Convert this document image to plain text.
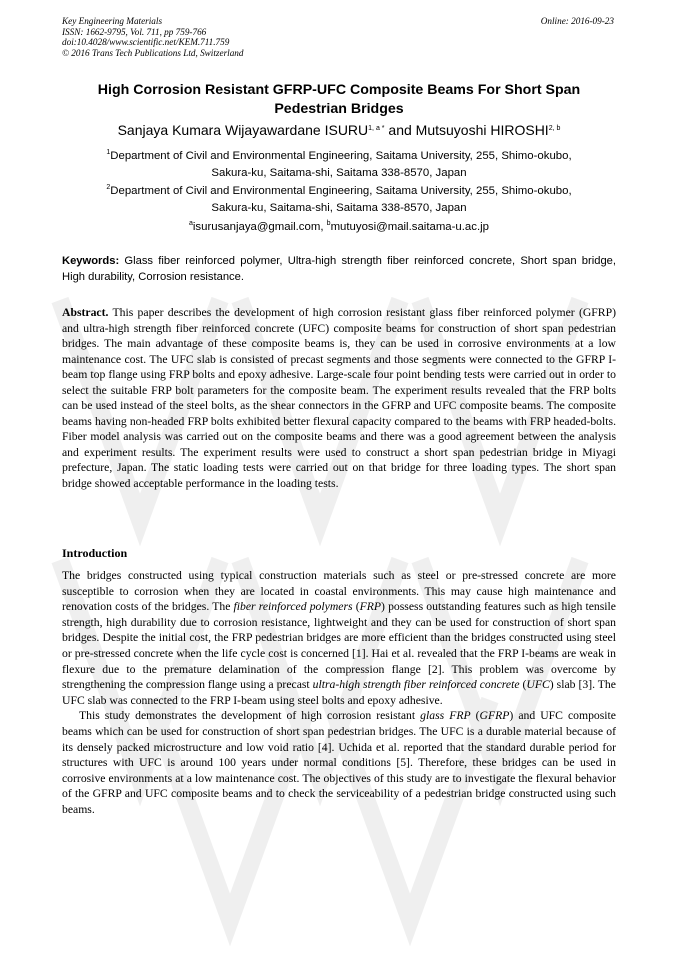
Key Engineering Materials
ISSN: 1662-9795, Vol. 711, pp 759-766
doi:10.4028/www.scientific.net/KEM.711.759
© 2016 Trans Tech Publications Ltd, Switzerland
Online: 2016-09-23
High Corrosion Resistant GFRP-UFC Composite Beams For Short Span
Pedestrian Bridges
Sanjaya Kumara Wijayawardane $ISURU^{1, a *}$ and Mutsuyoshi HIROSHI$^{2, b}$
$^1$Department of Civil and Environmental Engineering, Saitama University, 255, Shimo-okubo,
Sakura-ku, Saitama-shi, Saitama 338-8570, Japan
$^2$Department of Civil and Environmental Engineering, Saitama University, 255, Shimo-okubo,
Sakura-ku, Saitama-shi, Saitama 338-8570, Japan
$^a$isurusanjaya@gmail.com, $^b$mutuyosi@mail.saitama-u.ac.jp
Keywords: Glass fiber reinforced polymer, Ultra-high strength fiber reinforced concrete, Short span bridge, High durability, Corrosion resistance.
Abstract. This paper describes the development of high corrosion resistant glass fiber reinforced polymer (GFRP) and ultra-high strength fiber reinforced concrete (UFC) composite beams for construction of short span pedestrian bridges. The main advantage of these composite beams is, they can be used in corrosive environments at a low maintenance cost. The UFC slab is consisted of precast segments and those segments were connected to the GFRP I-beam top flange using FRP bolts and epoxy adhesive. Large-scale four point bending tests were carried out in order to select the suitable FRP bolt parameters for the composite beam. The experiment results revealed that the FRP bolts can be used instead of the steel bolts, as the shear connectors in the GFRP and UFC composite beams. The composite beams having non-headed FRP bolts exhibited better flexural capacity compared to the beams with FRP headed-bolts. Fiber model analysis was carried out on the composite beams and there was a good agreement between the analysis and experiment results. The experiment results were used to construct a short span pedestrian bridge in Miyagi prefecture, Japan. The static loading tests were carried out on that bridge for three loading types. The short span bridge showed acceptable performance in the loading tests.
Introduction

The bridges constructed using typical construction materials such as steel or pre-stressed concrete are more susceptible to corrosion when they are located in coastal environments. This may cause high maintenance and renovation costs of the bridges. The fiber reinforced polymers (FRP) possess outstanding features such as high tensile strength, high durability due to corrosion resistance, lightweight and they can be used for construction of short span bridges. Despite the initial cost, the FRP pedestrian bridges are more efficient than the bridges constructed using steel or pre-stressed concrete when the life cycle cost is concerned [1]. Hai et al. revealed that the FRP I-beams are weak in flexure due to the premature delamination of the compression flange [2]. This problem was overcome by strengthening the compression flange using a precast ultra-high strength fiber reinforced concrete (UFC) slab [3]. The UFC slab was connected to the FRP I-beam using steel bolts and epoxy adhesive.

This study demonstrates the development of high corrosion resistant glass FRP (GFRP) and UFC composite beams which can be used for construction of short span pedestrian bridges. The UFC is a durable material because of its densely packed microstructure and low void ratio [4]. Uchida et al. reported that the standard durable period for structures with UFC is around 100 years under normal conditions [5]. Therefore, these bridges can be used in corrosive environments at a low maintenance cost. The objectives of this study are to investigate the flexural behavior of the GFRP and UFC composite beams and to check the serviceability of a pedestrian bridge constructed using such beams.
